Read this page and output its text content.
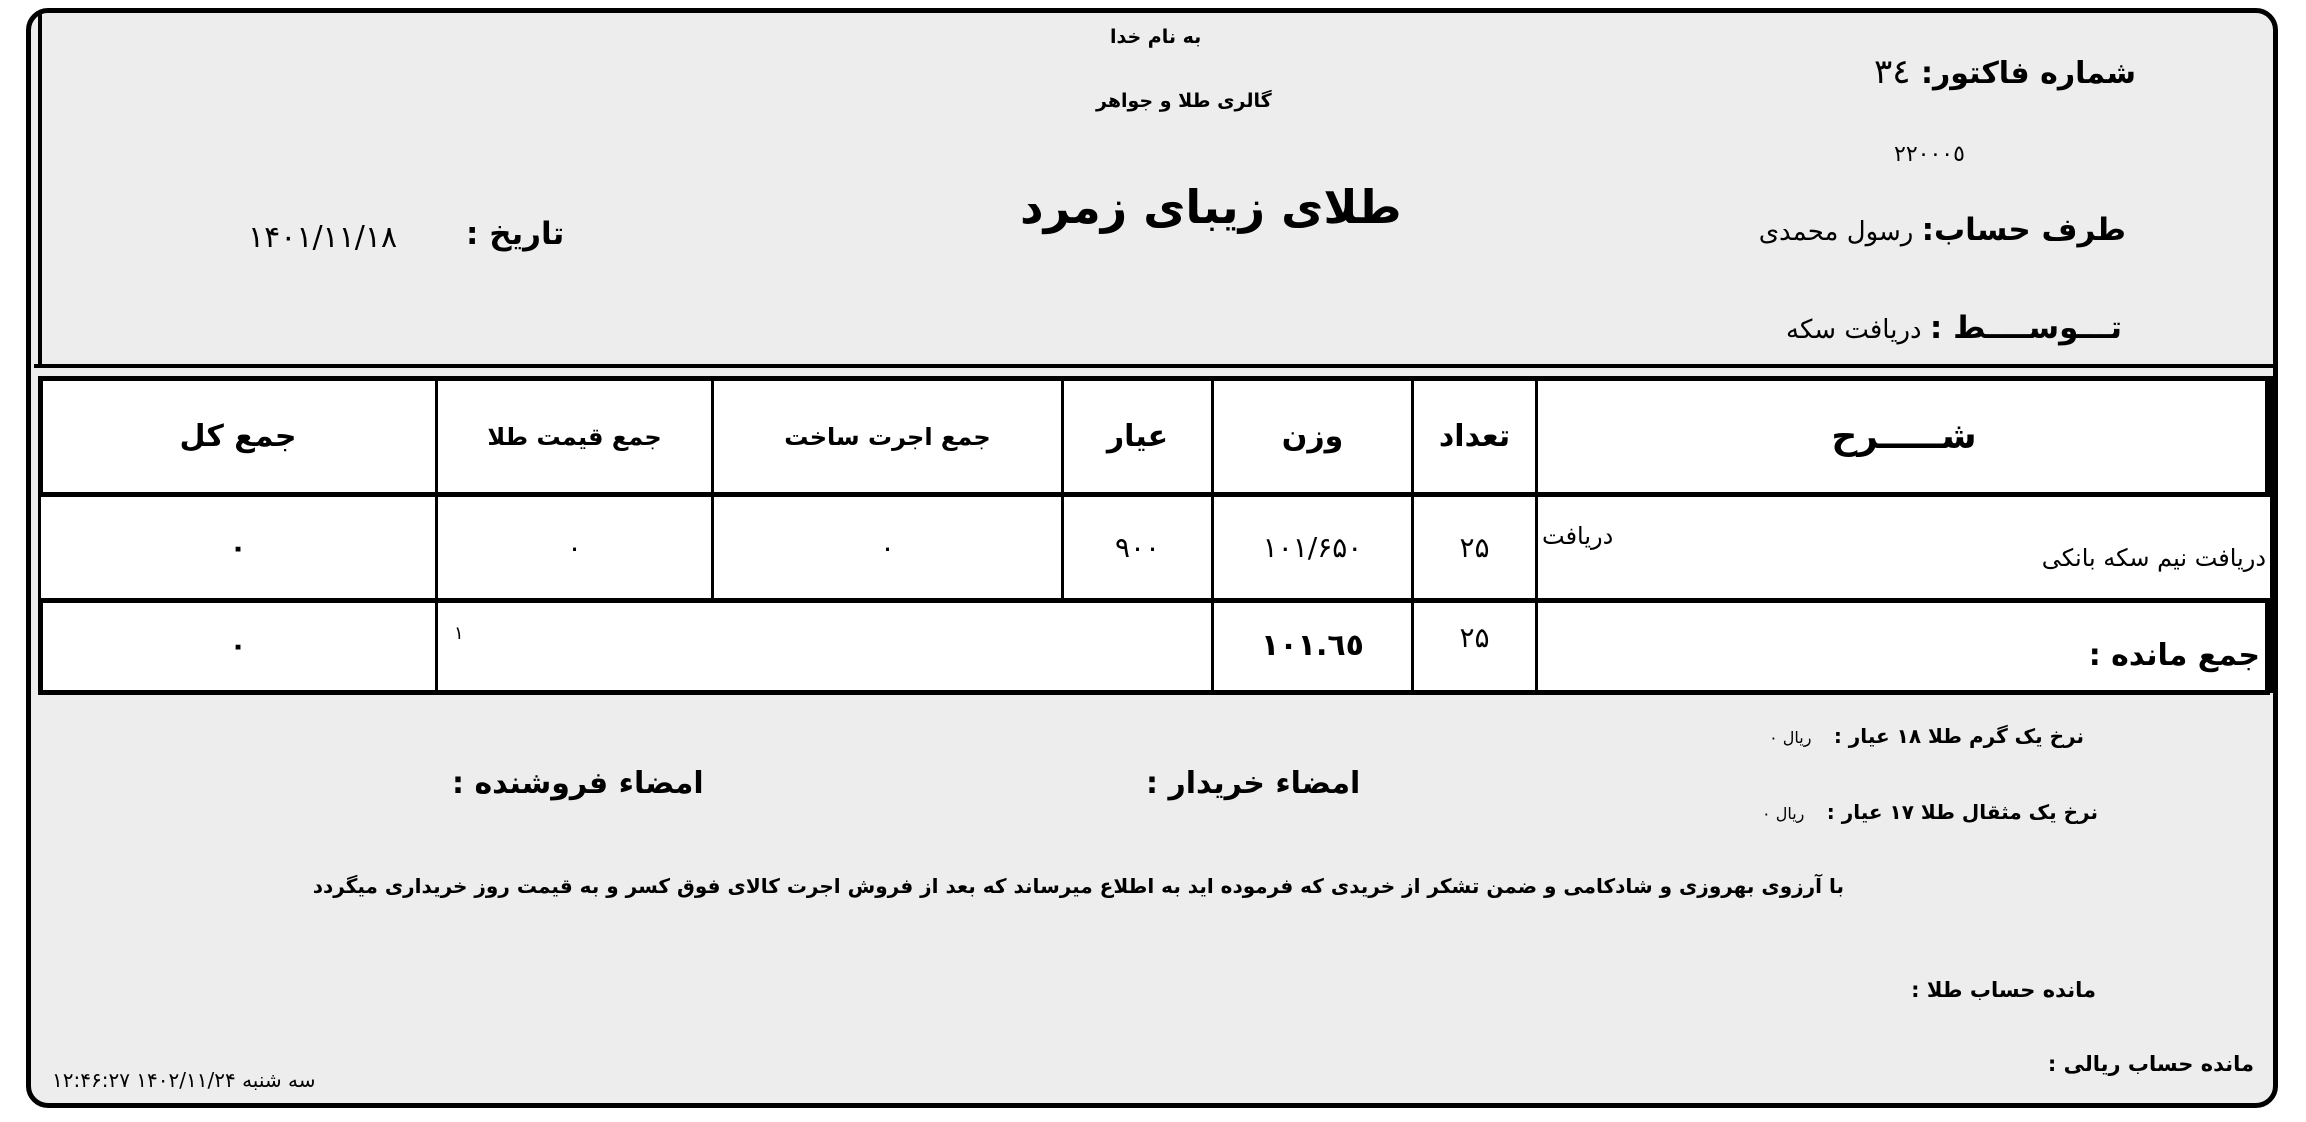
به نام خدا
گالری طلا و جواهر
طلای زیبای زمرد
شماره فاکتور: ٣٤
٢٢٠٠٠٥
طرف حساب: رسول محمدی
تـــوســــط : دریافت سکه
۱۴۰۱/۱۱/۱۸ تاریخ :
شـــــرح	تعداد	وزن	عیار	جمع اجرت ساخت	جمع قیمت طلا	جمع کل

دریافت نیم سکه بانکی
دریافت	۲۵	۱۰۱/۶۵۰	۹۰۰	۰	۰	۰
جمع مانده :	۲۵	١٠١.٦٥	۱			۰
نرخ یک گرم طلا ۱۸ عیار : ریال ۰
نرخ یک مثقال طلا ۱۷ عیار : ریال ۰
امضاء خریدار :
امضاء فروشنده :
با آرزوی بهروزی و شادکامی و ضمن تشکر از خریدی که فرموده اید به اطلاع میرساند که بعد از فروش اجرت کالای فوق کسر و به قیمت روز خریداری میگردد
مانده حساب طلا :
مانده حساب ریالی :
سه شنبه ۱۴۰۲/۱۱/۲۴ ۱۲:۴۶:۲۷
